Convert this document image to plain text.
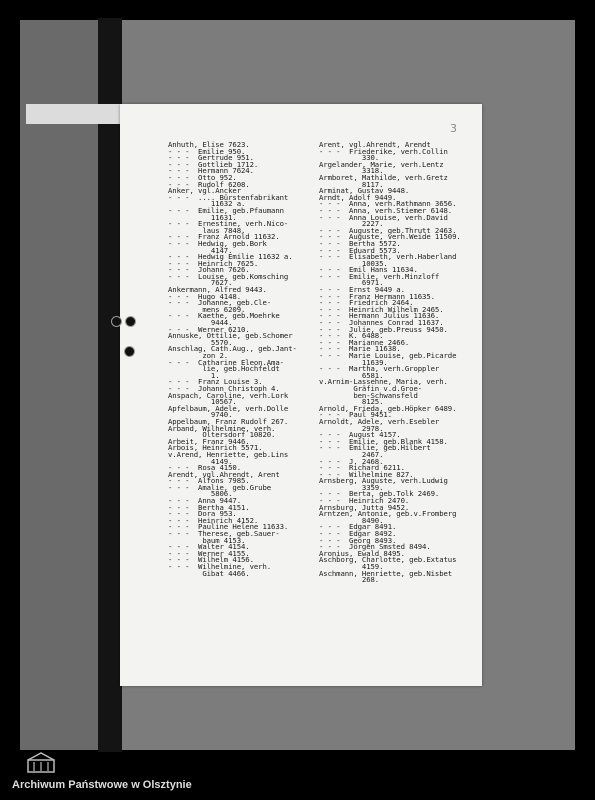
3
Anhuth, Elise 7623.
- - -  Emilie 950.
- - -  Gertrude 951.
- - -  Gottlieb 1712.
- - -  Hermann 7624.
- - -  Otto 952.
- - -  Rudolf 6208.
Anker, vgl.Ancker
- - -  .... Bürstenfabrikant
11632 a.
- - -  Emilie, geb.Pfaumann
11631.
- - -  Ernestine, verh.Nico-
laus 7848.
- - -  Franz Arnold 11632.
- - -  Hedwig, geb.Bork
4147.
- - -  Hedwig Emilie 11632 a.
- - -  Heinrich 7625.
- - -  Johann 7626.
- - -  Louise, geb.Komsching
7627.
Ankermann, Alfred 9443.
- - -  Hugo 4148.
- - -  Johanne, geb.Cle-
mens 6209.
- - -  Kaethe, geb.Moehrke
9444.
- - -  Werner 6210.
Annuske, Ottilie, geb.Schomer
5570.
Anschlag, Cath.Aug., geb.Jant-
zon 2.
- - -  Catharine Eleon.Ama-
lie, geb.Hochfeldt
1.
- - -  Franz Louise 3.
- - -  Johann Christoph 4.
Anspach, Caroline, verh.Lork
10567.
Apfelbaum, Adele, verh.Dolle
9740.
Appelbaum, Franz Rudolf 267.
Arband, Wilhelmine, verh.
Oltersdorf 10820.
Arbeit, Franz 9446.
Arbois, Heinrich 5571.
v.Arend, Henriette, geb.Lins
4149.
- - -  Rosa 4150.
Arendt, vgl.Ahrendt, Arent
- - -  Alfons 7985.
- - -  Amalie, geb.Grube
5806.
- - -  Anna 9447.
- - -  Bertha 4151.
- - -  Dora 953.
- - -  Heinrich 4152.
- - -  Pauline Helene 11633.
- - -  Therese, geb.Sauer-
baum 4153.
- - -  Walter 4154.
- - -  Werner 4155.
- - -  Wilhelm 4156.
- - -  Wilhelmine, verh.
Gibat 4466.
Arent, vgl.Ahrendt, Arendt
- - -  Friederike, verh.Collin
330.
Argelander, Marie, verh.Lentz
3318.
Armboret, Mathilde, verh.Gretz
8117.
Arminat, Gustav 9448.
Arndt, Adolf 9449.
- - -  Anna, verh.Rathmann 3656.
- - -  Anna, verh.Stiemer 6148.
- - -  Anna Louise, verh.David
2227.
- - -  Auguste, geb.Thrutt 2463.
- - -  Auguste, verh.Weide 11509.
- - -  Bertha 5572.
- - -  Eduard 5573.
- - -  Elisabeth, verh.Haberland
10035.
- - -  Emil Hans 11634.
- - -  Emilie, verh.Minzloff
6971.
- - -  Ernst 9449 a.
- - -  Franz Hermann 11635.
- - -  Friedrich 2464.
- - -  Heinrich Wilhelm 2465.
- - -  Hermann Julius 11636.
- - -  Johannes Conrad 11637.
- - -  Julie, geb.Preuss 9450.
- - -  K. 6488.
- - -  Marianne 2466.
- - -  Marie 11638.
- - -  Marie Louise, geb.Picarde
11639.
- - -  Martha, verh.Groppler
6581.
v.Arnim-Lassehne, Maria, verh.
Gräfin v.d.Groe-
ben-Schwansfeld
8125.
Arnold, Frieda, geb.Höpker 6489.
- - -  Paul 9451.
Arnoldt, Adele, verh.Esebler
2978.
- - -  August 4157.
- - -  Emilie, geb.Blank 4158.
- - -  Emilie, geb.Hilbert
2467.
- - -  J. 2468.
- - -  Richard 6211.
- - -  Wilhelmine 827.
Arnsberg, Auguste, verh.Ludwig
3359.
- - -  Berta, geb.Tolk 2469.
- - -  Heinrich 2470.
Arnsburg, Jutta 9452.
Arntzen, Antonie, geb.v.Fromberg
8490.
- - -  Edgar 8491.
- - -  Edgar 8492.
- - -  Georg 8493.
- - -  Jörgen Smsted 8494.
Aronius, Ewald 8495.
Aschborg, Charlotte, geb.Extatus
4159.
Aschmann, Henriette, geb.Nisbet
268.
Archiwum Państwowe w Olsztynie
